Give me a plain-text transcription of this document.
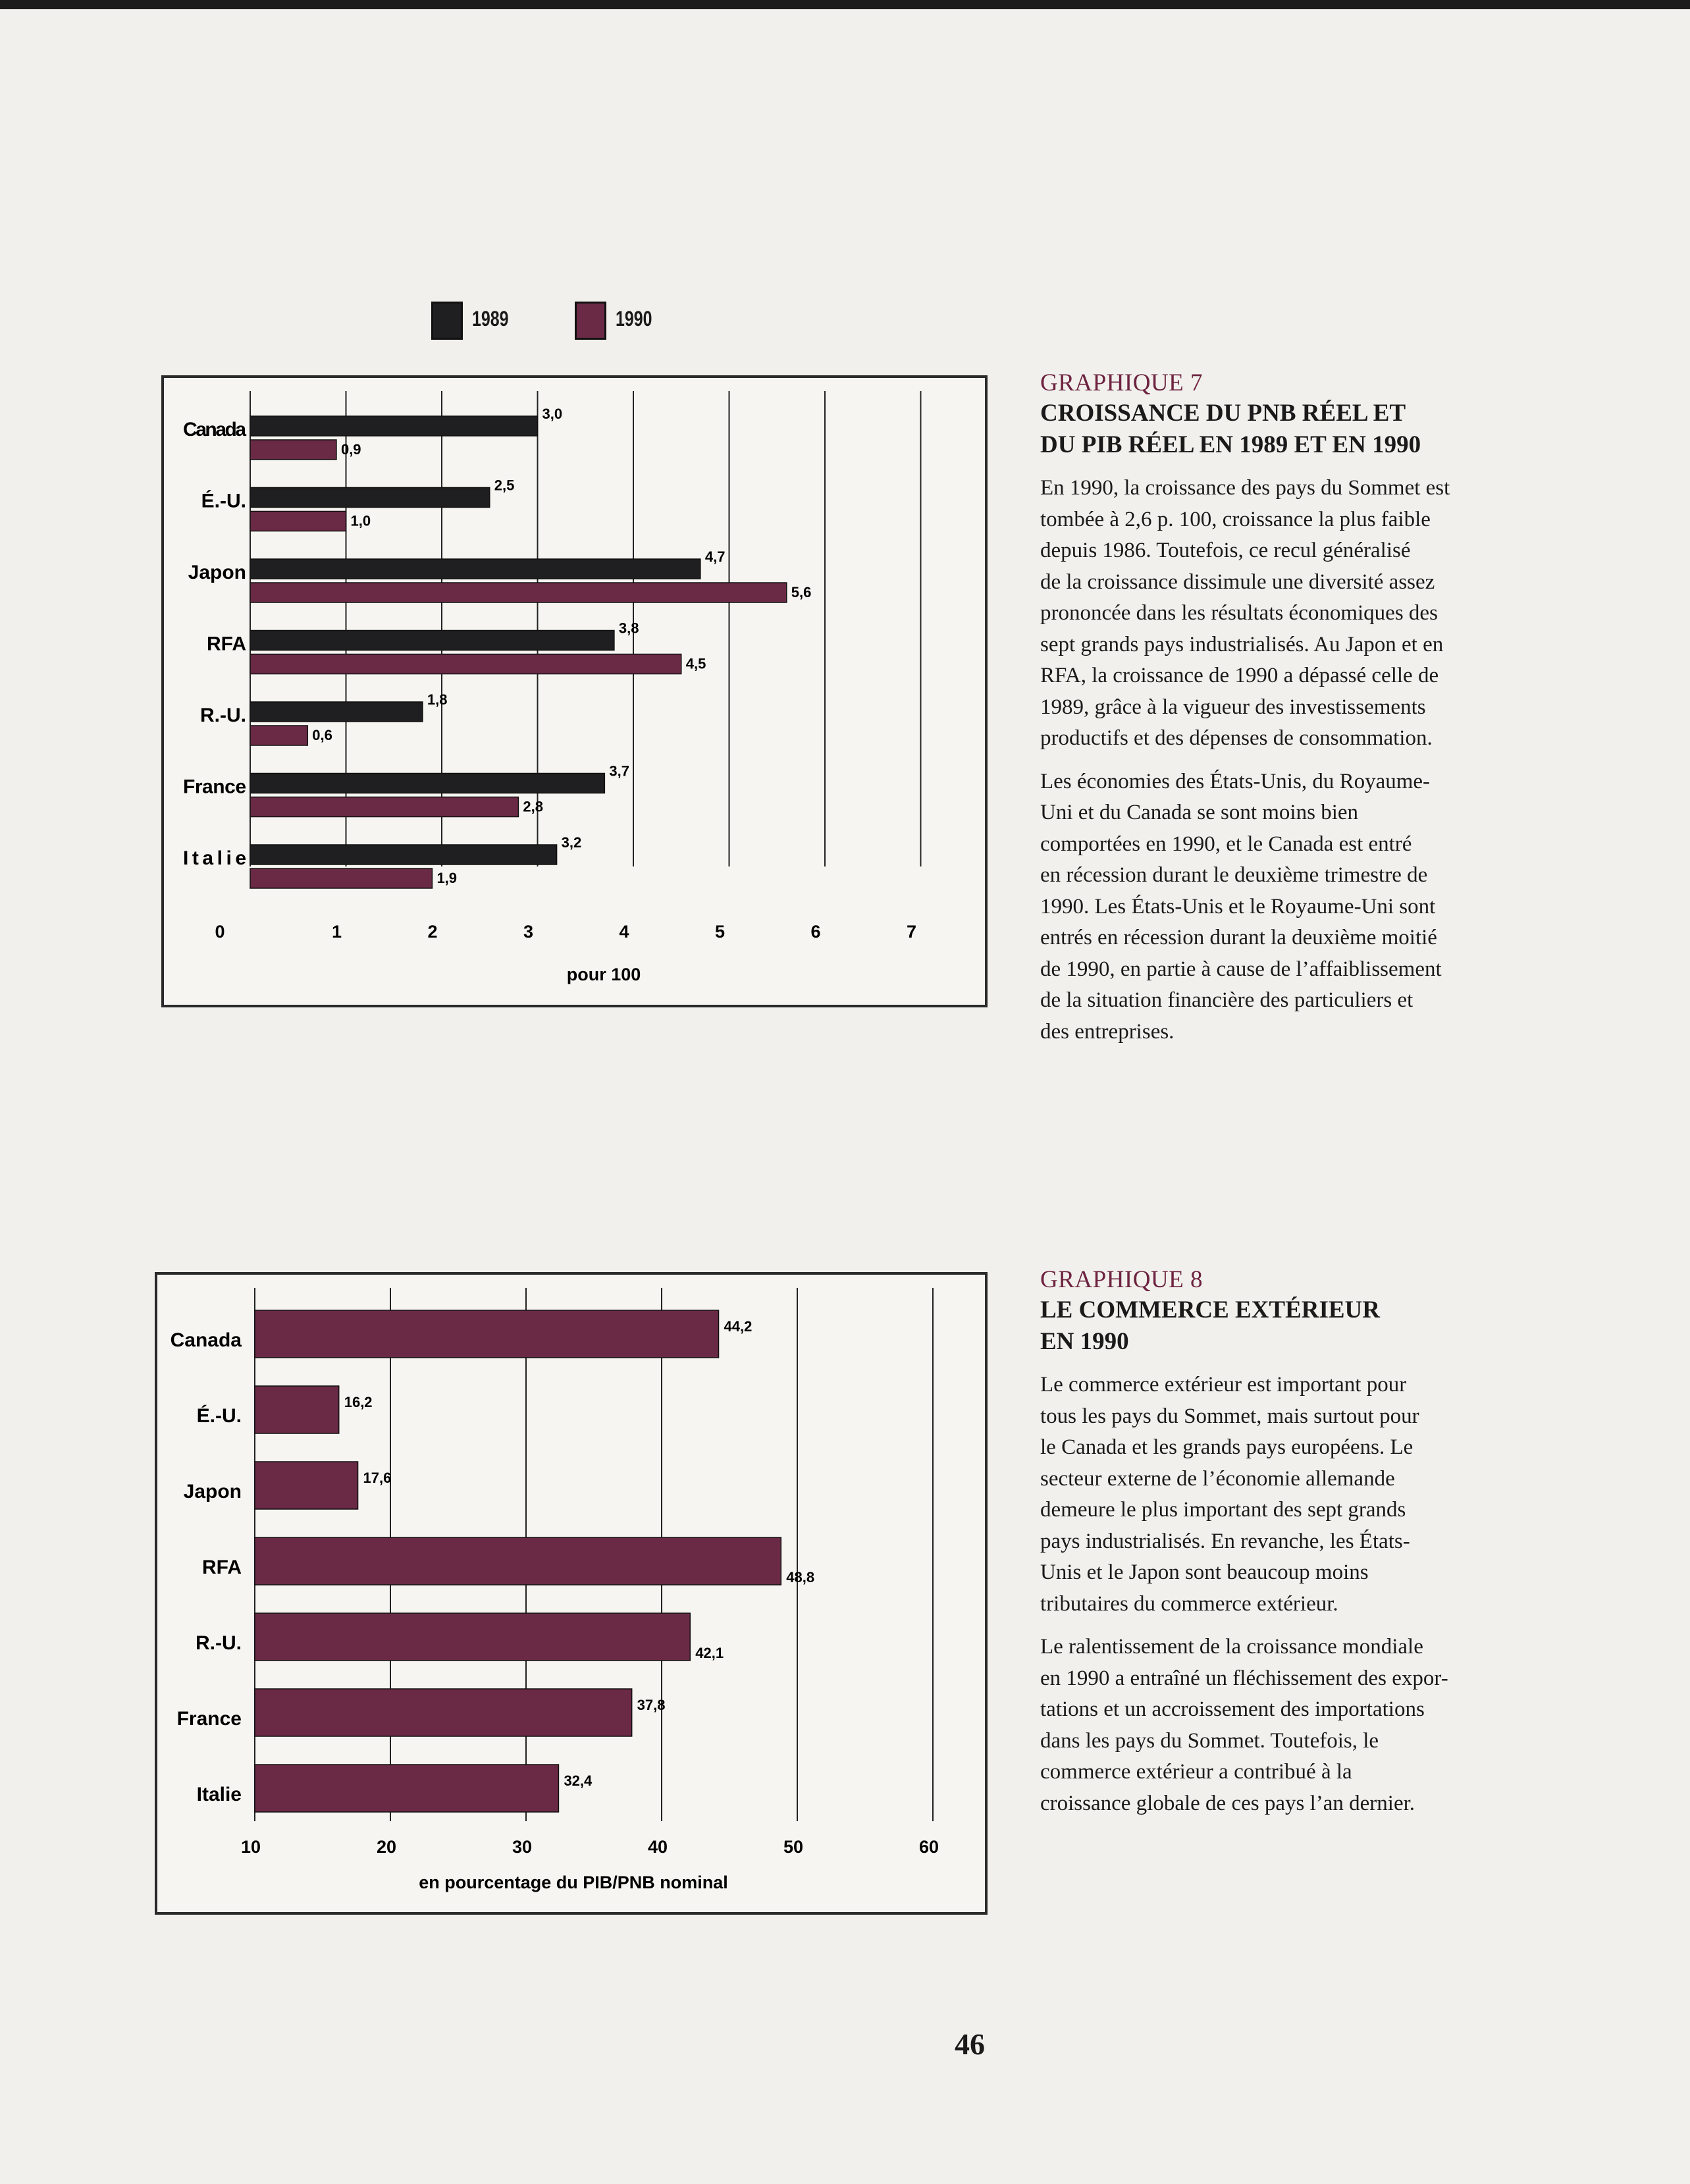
1989	1990
Canada
3,0
0,9
É.-U.
2,5
1,0
Japon
4,7
5,6
RFA
3,8
4,5
R.-U.
1,8
0,6
France
3,7
2,8
Italie
3,2
1,9
0	1	2	3	4	5	6	7
pour 100
Canada
44,2
É.-U.
16,2
Japon
17,6
RFA	48,8
R.-U.	42,1
France
37,8
Italie
32,4
10	20	30	40	50	60
en pourcentage du PIB/PNB nominal
GRAPHIQUE 7
CROISSANCE DU PNB RÉEL ET
DU PIB RÉEL EN 1989 ET EN 1990
En 1990, la croissance des pays du Sommet est
tombée à 2,6 p. 100, croissance la plus faible
depuis 1986. Toutefois, ce recul généralisé
de la croissance dissimule une diversité assez
prononcée dans les résultats économiques des
sept grands pays industrialisés. Au Japon et en
RFA, la croissance de 1990 a dépassé celle de
1989, grâce à la vigueur des investissements
productifs et des dépenses de consommation.
Les économies des États-Unis, du Royaume-
Uni et du Canada se sont moins bien
comportées en 1990, et le Canada est entré
en récession durant le deuxième trimestre de
1990. Les États-Unis et le Royaume-Uni sont
entrés en récession durant la deuxième moitié
de 1990, en partie à cause de l’affaiblissement
de la situation financière des particuliers et
des entreprises.
GRAPHIQUE 8
LE COMMERCE EXTÉRIEUR
EN 1990
Le commerce extérieur est important pour
tous les pays du Sommet, mais surtout pour
le Canada et les grands pays européens. Le
secteur externe de l’économie allemande
demeure le plus important des sept grands
pays industrialisés. En revanche, les États-
Unis et le Japon sont beaucoup moins
tributaires du commerce extérieur.
Le ralentissement de la croissance mondiale
en 1990 a entraîné un fléchissement des expor-
tations et un accroissement des importations
dans les pays du Sommet. Toutefois, le
commerce extérieur a contribué à la
croissance globale de ces pays l’an dernier.
46
